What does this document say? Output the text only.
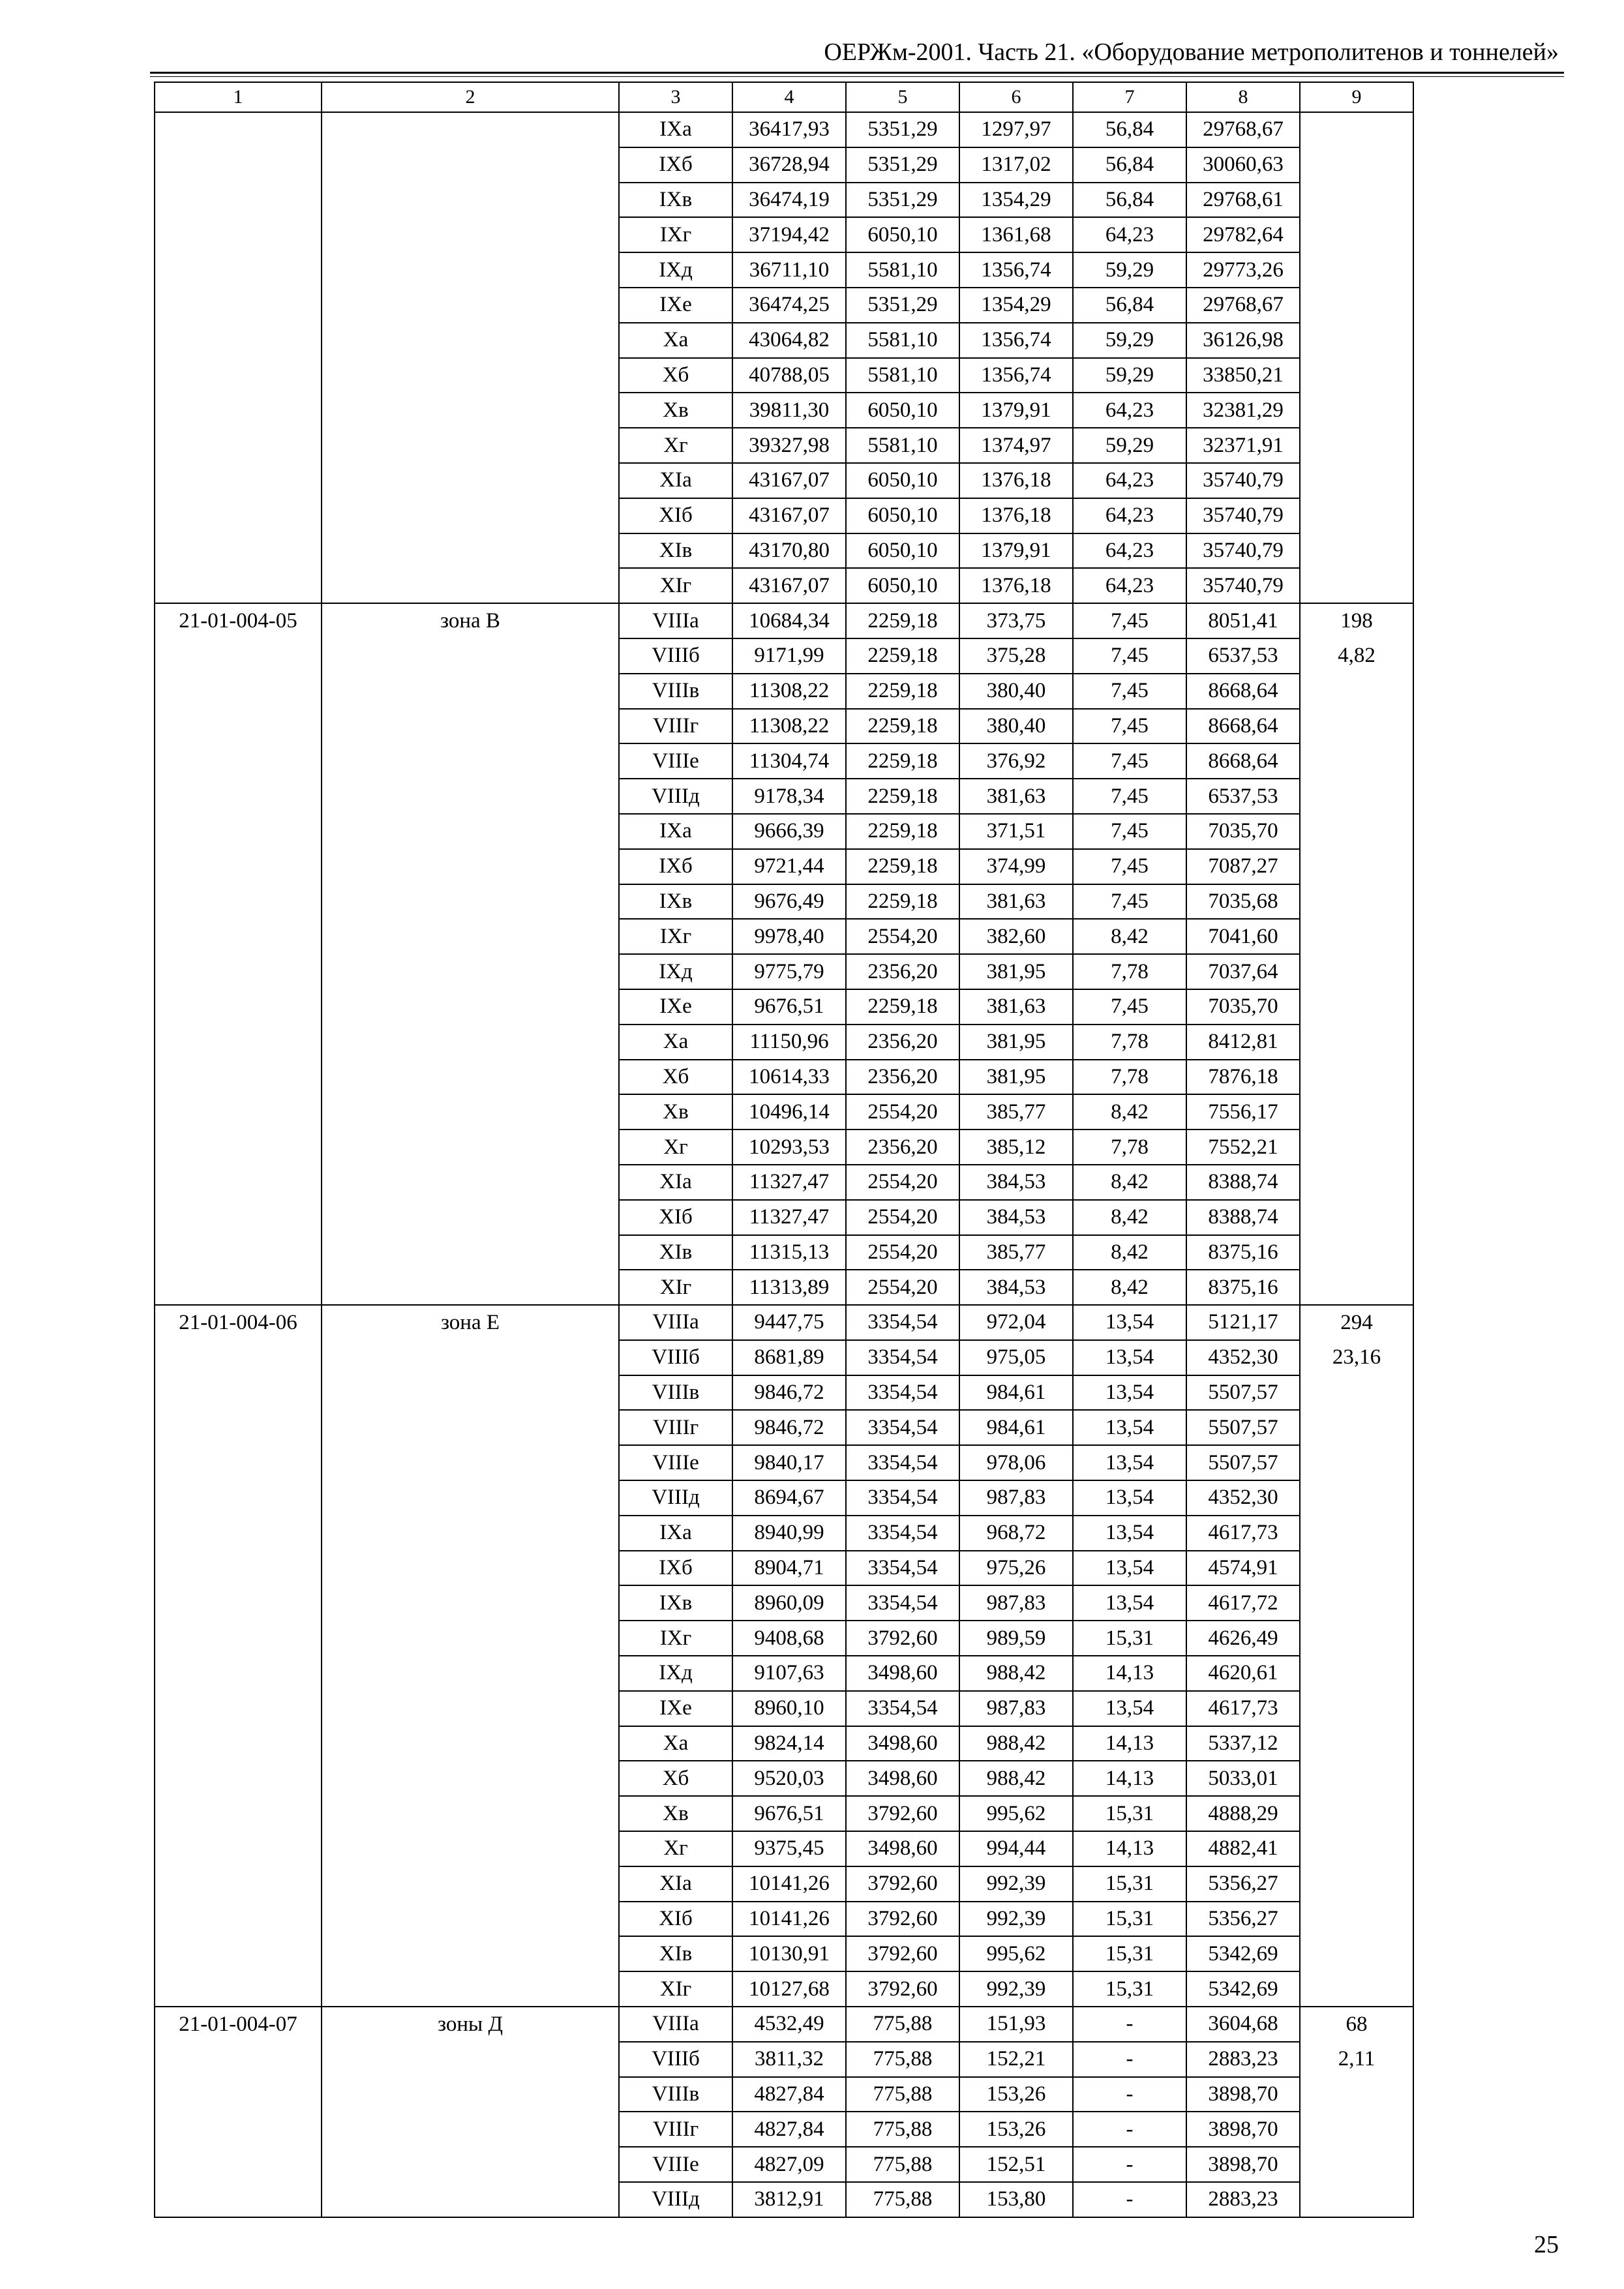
ОЕРЖм-2001. Часть 21. «Оборудование метрополитенов и тоннелей»
1	2	3	4	5	6	7	8	9
		IXа	36417,93	5351,29	1297,97	56,84	29768,67	
		IXб	36728,94	5351,29	1317,02	56,84	30060,63	
		IXв	36474,19	5351,29	1354,29	56,84	29768,61	
		IXг	37194,42	6050,10	1361,68	64,23	29782,64	
		IXд	36711,10	5581,10	1356,74	59,29	29773,26	
		IXе	36474,25	5351,29	1354,29	56,84	29768,67	
		Xа	43064,82	5581,10	1356,74	59,29	36126,98	
		Xб	40788,05	5581,10	1356,74	59,29	33850,21	
		Xв	39811,30	6050,10	1379,91	64,23	32381,29	
		Xг	39327,98	5581,10	1374,97	59,29	32371,91	
		XIа	43167,07	6050,10	1376,18	64,23	35740,79	
		XIб	43167,07	6050,10	1376,18	64,23	35740,79	
		XIв	43170,80	6050,10	1379,91	64,23	35740,79	
		XIг	43167,07	6050,10	1376,18	64,23	35740,79	
21-01-004-05	зона В	VIIIа	10684,34	2259,18	373,75	7,45	8051,41	198
		VIIIб	9171,99	2259,18	375,28	7,45	6537,53	4,82
		VIIIв	11308,22	2259,18	380,40	7,45	8668,64	
		VIIIг	11308,22	2259,18	380,40	7,45	8668,64	
		VIIIе	11304,74	2259,18	376,92	7,45	8668,64	
		VIIIд	9178,34	2259,18	381,63	7,45	6537,53	
		IXа	9666,39	2259,18	371,51	7,45	7035,70	
		IXб	9721,44	2259,18	374,99	7,45	7087,27	
		IXв	9676,49	2259,18	381,63	7,45	7035,68	
		IXг	9978,40	2554,20	382,60	8,42	7041,60	
		IXд	9775,79	2356,20	381,95	7,78	7037,64	
		IXе	9676,51	2259,18	381,63	7,45	7035,70	
		Xа	11150,96	2356,20	381,95	7,78	8412,81	
		Xб	10614,33	2356,20	381,95	7,78	7876,18	
		Xв	10496,14	2554,20	385,77	8,42	7556,17	
		Xг	10293,53	2356,20	385,12	7,78	7552,21	
		XIа	11327,47	2554,20	384,53	8,42	8388,74	
		XIб	11327,47	2554,20	384,53	8,42	8388,74	
		XIв	11315,13	2554,20	385,77	8,42	8375,16	
		XIг	11313,89	2554,20	384,53	8,42	8375,16	
21-01-004-06	зона Е	VIIIа	9447,75	3354,54	972,04	13,54	5121,17	294
		VIIIб	8681,89	3354,54	975,05	13,54	4352,30	23,16
		VIIIв	9846,72	3354,54	984,61	13,54	5507,57	
		VIIIг	9846,72	3354,54	984,61	13,54	5507,57	
		VIIIе	9840,17	3354,54	978,06	13,54	5507,57	
		VIIIд	8694,67	3354,54	987,83	13,54	4352,30	
		IXа	8940,99	3354,54	968,72	13,54	4617,73	
		IXб	8904,71	3354,54	975,26	13,54	4574,91	
		IXв	8960,09	3354,54	987,83	13,54	4617,72	
		IXг	9408,68	3792,60	989,59	15,31	4626,49	
		IXд	9107,63	3498,60	988,42	14,13	4620,61	
		IXе	8960,10	3354,54	987,83	13,54	4617,73	
		Xа	9824,14	3498,60	988,42	14,13	5337,12	
		Xб	9520,03	3498,60	988,42	14,13	5033,01	
		Xв	9676,51	3792,60	995,62	15,31	4888,29	
		Xг	9375,45	3498,60	994,44	14,13	4882,41	
		XIа	10141,26	3792,60	992,39	15,31	5356,27	
		XIб	10141,26	3792,60	992,39	15,31	5356,27	
		XIв	10130,91	3792,60	995,62	15,31	5342,69	
		XIг	10127,68	3792,60	992,39	15,31	5342,69	
21-01-004-07	зоны Д	VIIIа	4532,49	775,88	151,93	-	3604,68	68
		VIIIб	3811,32	775,88	152,21	-	2883,23	2,11
		VIIIв	4827,84	775,88	153,26	-	3898,70	
		VIIIг	4827,84	775,88	153,26	-	3898,70	
		VIIIе	4827,09	775,88	152,51	-	3898,70	
		VIIIд	3812,91	775,88	153,80	-	2883,23	
25
